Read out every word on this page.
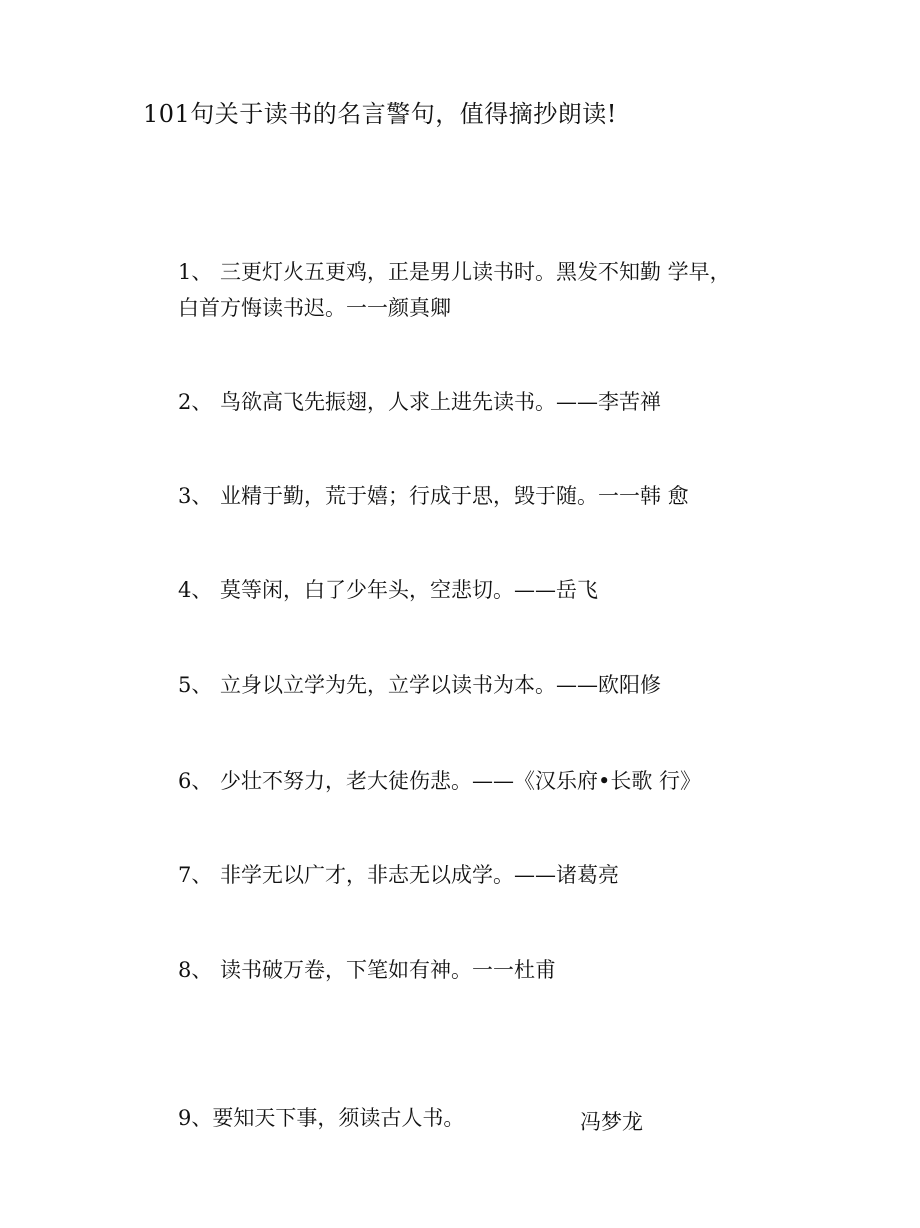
101句关于读书的名言警句，值得摘抄朗读!
1、 三更灯火五更鸡，正是男儿读书时。黑发不知勤 学早，
白首方悔读书迟。一一颜真卿
2、 鸟欲高飞先振翅，人求上进先读书。——李苦禅
3、 业精于勤，荒于嬉；行成于思，毁于随。一一韩 愈
4、 莫等闲，白了少年头，空悲切。——岳飞
5、 立身以立学为先，立学以读书为本。——欧阳修
6、 少壮不努力，老大徒伤悲。——《汉乐府•长歌 行》
7、 非学无以广才，非志无以成学。——诸葛亮
8、 读书破万卷，下笔如有神。一一杜甫
9、要知天下事，须读古人书。	冯梦龙
